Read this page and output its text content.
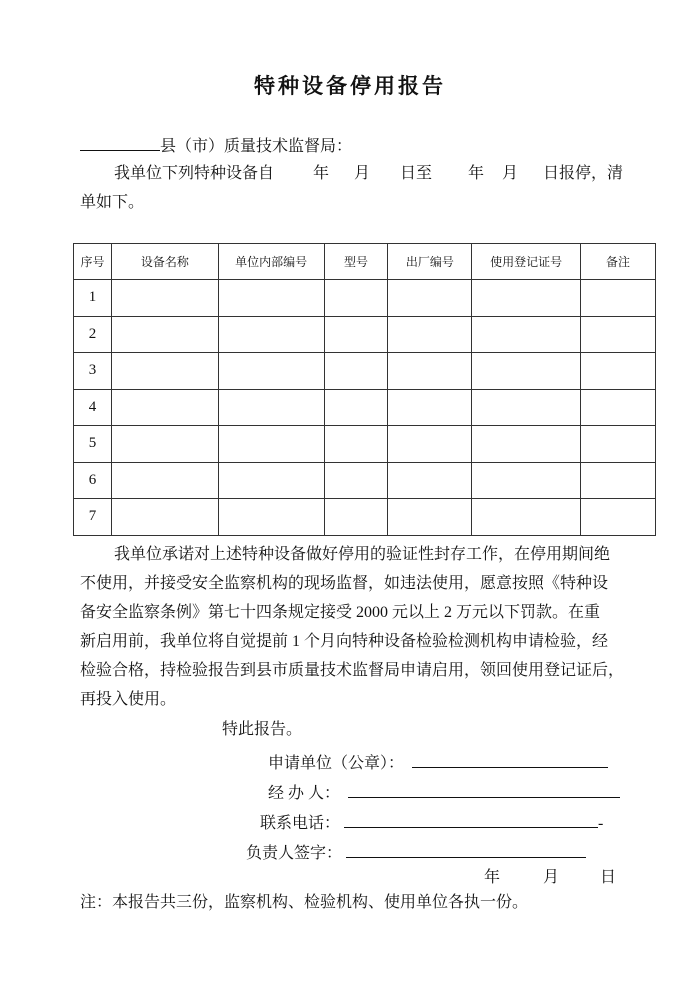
特种设备停用报告
县（市）质量技术监督局：
我单位下列特种设备自 年 月 日至 年 月 日报停，清
单如下。
序号	设备名称	单位内部编号	型号	出厂编号	使用登记证号	备注
1						
2						
3						
4						
5						
6						
7						
我单位承诺对上述特种设备做好停用的验证性封存工作，在停用期间绝
不使用，并接受安全监察机构的现场监督，如违法使用，愿意按照《特种设
备安全监察条例》第七十四条规定接受 2000 元以上 2 万元以下罚款。在重
新启用前，我单位将自觉提前 1 个月向特种设备检验检测机构申请检验，经
检验合格，持检验报告到县市质量技术监督局申请启用，领回使用登记证后，
再投入使用。
特此报告。
申请单位（公章）：
经 办 人：
联系电话：	-
负责人签字：
年	月	日
注：本报告共三份，监察机构、检验机构、使用单位各执一份。
